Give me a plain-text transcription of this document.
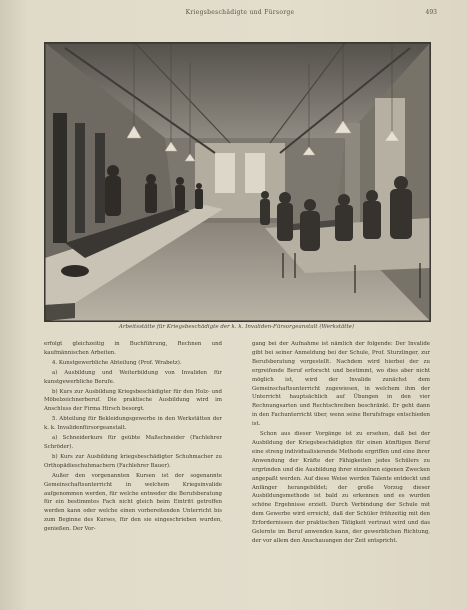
Kriegsbeschädigte und Fürsorge	493
Arbeitsstätte für Kriegsbeschädigte der k. k. Invaliden-Fürsorgeanstalt (Werkstätte)

erfolgt gleichzeitig in Buchführung, Rechnen und kaufmännischen Arbeiten.

4. Kunstgewerbliche Abteilung (Prof. Wrabetz).

a) Ausbildung und Weiterbildung von Invaliden für kunstgewerbliche Berufe.

b) Kurs zur Ausbildung Kriegsbeschädigter für den Holz- und Möbelzeichnerberuf. Die praktische Ausbildung wird im Anschluss der Firma Hirsch besorgt.

5. Abteilung für Bekleidungsgewerbe in den Werkstätten der k. k. Invalidenfürsorgeanstalt.

a) Schneiderkurs für geübte Maßschneider (Fachlehrer Schröder).

b) Kurs zur Ausbildung kriegsbeschädigter Schuhmacher zu Orthopädieschuhmachern (Fachlehrer Bauer).

Außer den vorgenannten Kursen ist der sogenannte Gemeinschaftsunterricht in welchem Kriegsinvalide aufgenommen werden, für welche entweder die Berufsberatung für ein bestimmtes Fach nicht gleich beim Eintritt getroffen werden kann oder welche einen vorbereitenden Unterricht bis zum Beginne des Kurses, für den sie eingeschrieben wurden, genießen. Der Vor-

gang bei der Aufnahme ist nämlich der folgende: Der Invalide gibt bei seiner Anmeldung bei der Schule, Prof. Sturzlinger, zur Berufsberatung vorgestellt. Nachdem wird hierbei der zu ergreifende Beruf erforscht und bestimmt, wo dies aber nicht möglich ist, wird der Invalide zunächst dem Gemeinschaftsunterricht zugewiesen, in welchem ihm der Unterricht hauptsächlich auf Übungen in den vier Rechnungsarten und Rechtschreiben beschränkt. Er geht dann in den Fachunterricht über, wenn seine Berufsfrage entschieden ist.

Schon aus dieser Vorgänge ist zu ersehen, daß bei der Ausbildung der Kriegsbeschädigten für einen künftigen Beruf eine streng individualisierende Methode ergriffen und eine ihrer Anwendung der Kräfte der Fähigkeiten jedes Schülers zu ergründen und die Ausbildung ihrer einzelnen eigenen Zwecken angepaßt werden. Auf diese Weise werden Talente entdeckt und Anfänger herangebildet; der große Vorzug dieser Ausbildungsmethode ist bald zu erkennen und es wurden schöne Ergebnisse erzielt. Durch Verbindung der Schule mit dem Gewerbe wird erreicht, daß der Schüler frühzeitig mit den Erfordernissen der praktischen Tätigkeit vertraut wird und das Gelernte im Beruf anwenden kann, der gewerblichen Richtung, der vor allem den Anschauungen der Zeit entspricht.
